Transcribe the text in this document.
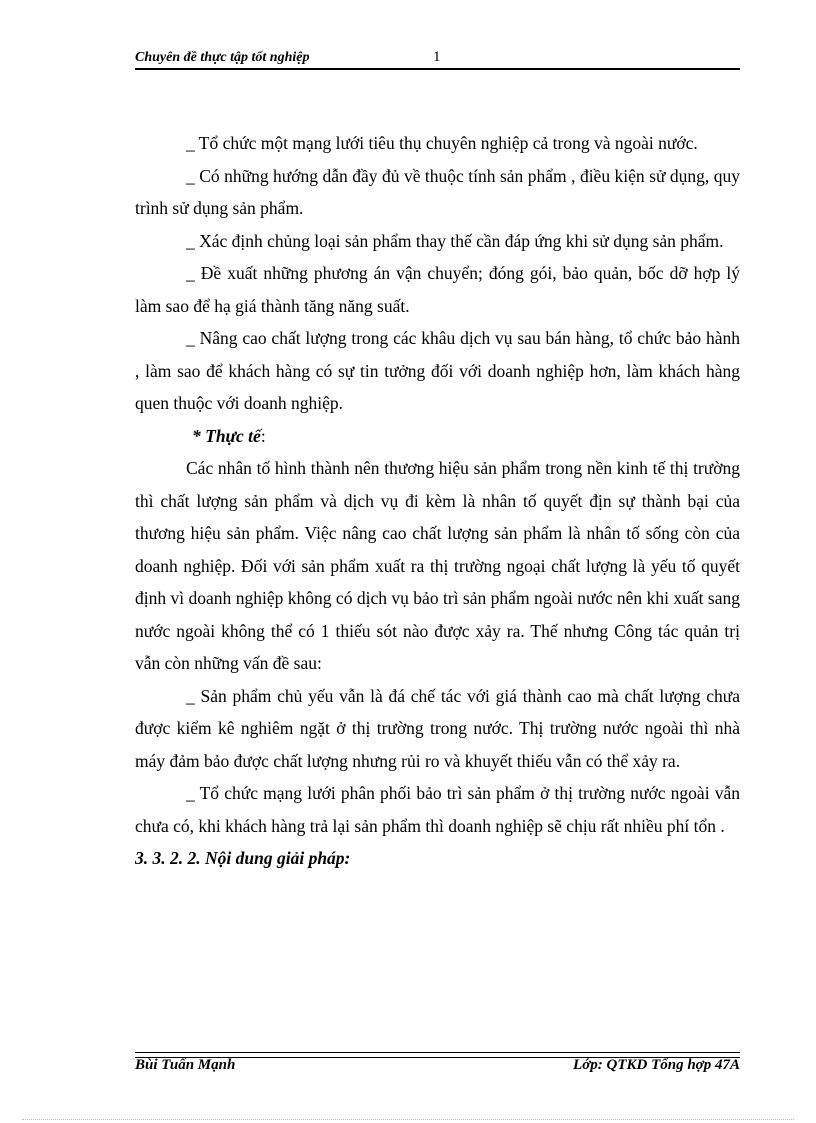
Chuyên đề thực tập tốt nghiệp	1

_ Tổ chức một mạng lưới tiêu thụ chuyên nghiệp cả trong và ngoài nước.

_ Có những hướng dẫn đầy đủ về thuộc tính sản phẩm , điều kiện sử dụng, quy trình sử dụng sản phẩm.

_ Xác định chủng loại sản phẩm thay thế cần đáp ứng khi sử dụng sản phẩm.

_ Đề xuất những phương án vận chuyển; đóng gói, bảo quản, bốc dỡ hợp lý làm sao để hạ giá thành tăng năng suất.

_ Nâng cao chất lượng trong các khâu dịch vụ sau bán hàng, tổ chức bảo hành , làm sao để khách hàng có sự tin tưởng đối với doanh nghiệp hơn, làm khách hàng quen thuộc với doanh nghiệp.

* Thực tế:

Các nhân tố hình thành nên thương hiệu sản phẩm trong nền kinh tế thị trường thì chất lượng sản phẩm và dịch vụ đi kèm là nhân tố quyết địn sự thành bại của thương hiệu sản phẩm. Việc nâng cao chất lượng sản phẩm là nhân tố sống còn của doanh nghiệp. Đối với sản phẩm xuất ra thị trường ngoại chất lượng là yếu tố quyết định vì doanh nghiệp không có dịch vụ bảo trì sản phẩm ngoài nước nên khi xuất sang nước ngoài không thể có 1 thiếu sót nào được xảy ra. Thế nhưng Công tác quản trị vẫn còn những vấn đề sau:

_ Sản phẩm chủ yếu vẫn là đá chế tác với giá thành cao mà chất lượng chưa được kiểm kê nghiêm ngặt ở thị trường trong nước. Thị trường nước ngoài thì nhà máy đảm bảo được chất lượng nhưng rủi ro và khuyết thiếu vẫn có thể xảy ra.

_ Tổ chức mạng lưới phân phối bảo trì sản phẩm ở thị trường nước ngoài vẫn chưa có, khi khách hàng trả lại sản phẩm thì doanh nghiệp sẽ chịu rất nhiều phí tổn .

3. 3. 2. 2. Nội dung giải pháp:

Bùi Tuấn Mạnh	Lớp: QTKD Tổng hợp 47A
